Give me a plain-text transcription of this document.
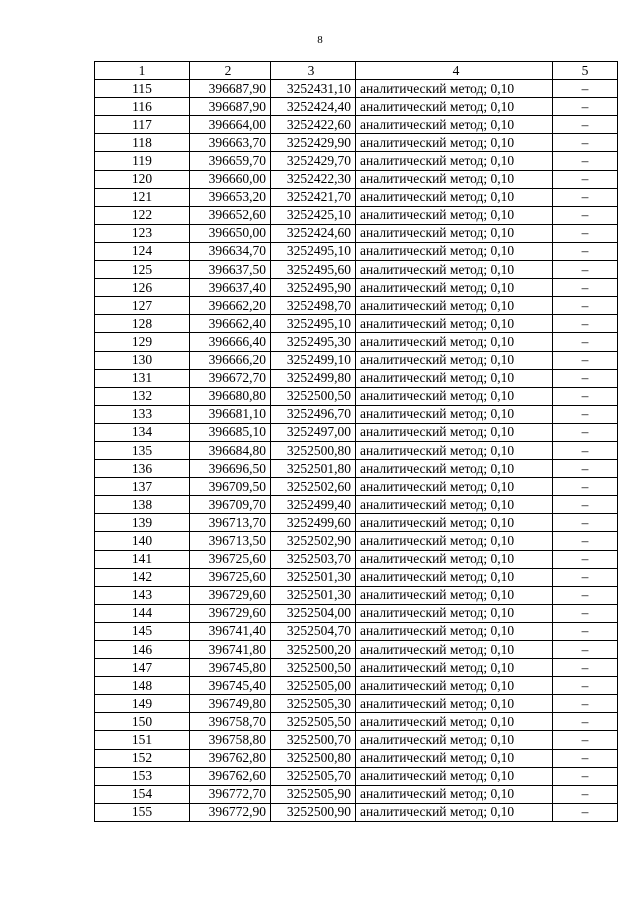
8
1	2	3	4	5
115	396687,90	3252431,10	аналитический метод; 0,10	–
116	396687,90	3252424,40	аналитический метод; 0,10	–
117	396664,00	3252422,60	аналитический метод; 0,10	–
118	396663,70	3252429,90	аналитический метод; 0,10	–
119	396659,70	3252429,70	аналитический метод; 0,10	–
120	396660,00	3252422,30	аналитический метод; 0,10	–
121	396653,20	3252421,70	аналитический метод; 0,10	–
122	396652,60	3252425,10	аналитический метод; 0,10	–
123	396650,00	3252424,60	аналитический метод; 0,10	–
124	396634,70	3252495,10	аналитический метод; 0,10	–
125	396637,50	3252495,60	аналитический метод; 0,10	–
126	396637,40	3252495,90	аналитический метод; 0,10	–
127	396662,20	3252498,70	аналитический метод; 0,10	–
128	396662,40	3252495,10	аналитический метод; 0,10	–
129	396666,40	3252495,30	аналитический метод; 0,10	–
130	396666,20	3252499,10	аналитический метод; 0,10	–
131	396672,70	3252499,80	аналитический метод; 0,10	–
132	396680,80	3252500,50	аналитический метод; 0,10	–
133	396681,10	3252496,70	аналитический метод; 0,10	–
134	396685,10	3252497,00	аналитический метод; 0,10	–
135	396684,80	3252500,80	аналитический метод; 0,10	–
136	396696,50	3252501,80	аналитический метод; 0,10	–
137	396709,50	3252502,60	аналитический метод; 0,10	–
138	396709,70	3252499,40	аналитический метод; 0,10	–
139	396713,70	3252499,60	аналитический метод; 0,10	–
140	396713,50	3252502,90	аналитический метод; 0,10	–
141	396725,60	3252503,70	аналитический метод; 0,10	–
142	396725,60	3252501,30	аналитический метод; 0,10	–
143	396729,60	3252501,30	аналитический метод; 0,10	–
144	396729,60	3252504,00	аналитический метод; 0,10	–
145	396741,40	3252504,70	аналитический метод; 0,10	–
146	396741,80	3252500,20	аналитический метод; 0,10	–
147	396745,80	3252500,50	аналитический метод; 0,10	–
148	396745,40	3252505,00	аналитический метод; 0,10	–
149	396749,80	3252505,30	аналитический метод; 0,10	–
150	396758,70	3252505,50	аналитический метод; 0,10	–
151	396758,80	3252500,70	аналитический метод; 0,10	–
152	396762,80	3252500,80	аналитический метод; 0,10	–
153	396762,60	3252505,70	аналитический метод; 0,10	–
154	396772,70	3252505,90	аналитический метод; 0,10	–
155	396772,90	3252500,90	аналитический метод; 0,10	–
